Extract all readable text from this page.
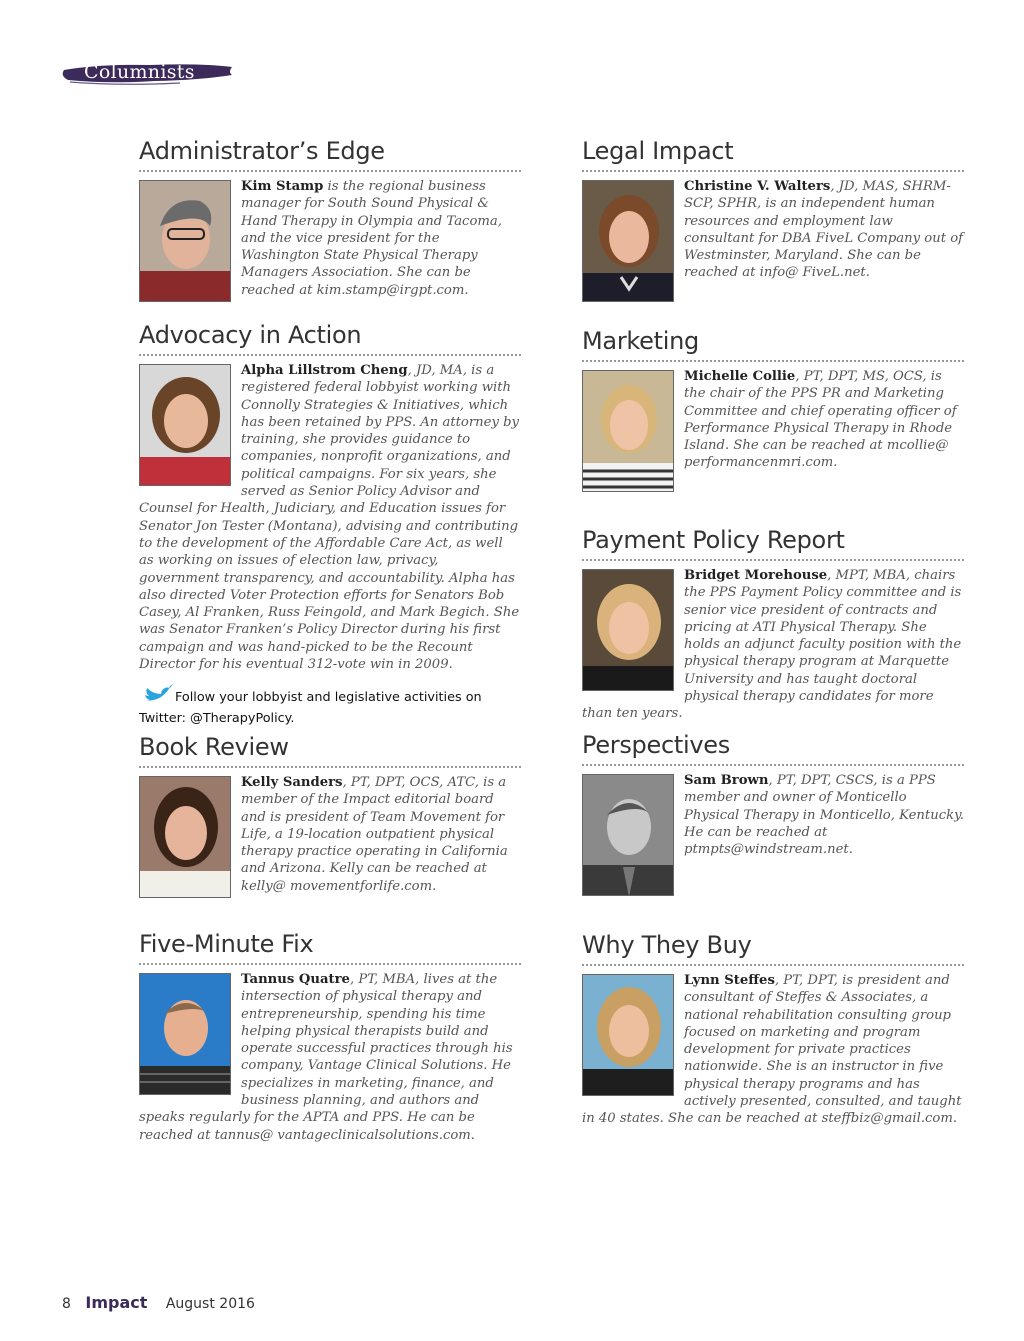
Columnists
Administrator’s Edge
Kim Stamp is the regional business manager for South Sound Physical & Hand Therapy in Olympia and Tacoma, and the vice president for the Washington State Physical Therapy Managers Association. She can be reached at kim.stamp@irgpt.com.
Advocacy in Action
Alpha Lillstrom Cheng, JD, MA, is a registered federal lobbyist working with Connolly Strategies & Initiatives, which has been retained by PPS. An attorney by training, she provides guidance to companies, nonprofit organizations, and political campaigns. For six years, she served as Senior Policy Advisor and Counsel for Health, Judiciary, and Education issues for Senator Jon Tester (Montana), advising and contributing to the development of the Affordable Care Act, as well as working on issues of election law, privacy, government transparency, and accountability. Alpha has also directed Voter Protection efforts for Senators Bob Casey, Al Franken, Russ Feingold, and Mark Begich. She was Senator Franken’s Policy Director during his first campaign and was hand-picked to be the Recount Director for his eventual 312-vote win in 2009.
Follow your lobbyist and legislative activities on Twitter: @TherapyPolicy.
Book Review
Kelly Sanders, PT, DPT, OCS, ATC, is a member of the Impact editorial board and is president of Team Movement for Life, a 19-location outpatient physical therapy practice operating in California and Arizona. Kelly can be reached at kelly@ movementforlife.com.
Five-Minute Fix
Tannus Quatre, PT, MBA, lives at the intersection of physical therapy and entrepreneurship, spending his time helping physical therapists build and operate successful practices through his company, Vantage Clinical Solutions. He specializes in marketing, finance, and business planning, and authors and speaks regularly for the APTA and PPS. He can be reached at tannus@ vantageclinicalsolutions.com.
Legal Impact
Christine V. Walters, JD, MAS, SHRM-SCP, SPHR, is an independent human resources and employment law consultant for DBA FiveL Company out of Westminster, Maryland. She can be reached at info@ FiveL.net.
Marketing
Michelle Collie, PT, DPT, MS, OCS, is the chair of the PPS PR and Marketing Committee and chief operating officer of Performance Physical Therapy in Rhode Island. She can be reached at mcollie@ performancептri.com.
Payment Policy Report
Bridget Morehouse, MPT, MBA, chairs the PPS Payment Policy committee and is senior vice president of contracts and pricing at ATI Physical Therapy. She holds an adjunct faculty position with the physical therapy program at Marquette University and has taught doctoral physical therapy candidates for more than ten years.
Perspectives
Sam Brown, PT, DPT, CSCS, is a PPS member and owner of Monticello Physical Therapy in Monticello, Kentucky. He can be reached at ptmpts@windstream.net.
Why They Buy
Lynn Steffes, PT, DPT, is president and consultant of Steffes & Associates, a national rehabilitation consulting group focused on marketing and program development for private practices nationwide. She is an instructor in five physical therapy programs and has actively presented, consulted, and taught in 40 states. She can be reached at steffbiz@gmail.com.
8 Impact August 2016
